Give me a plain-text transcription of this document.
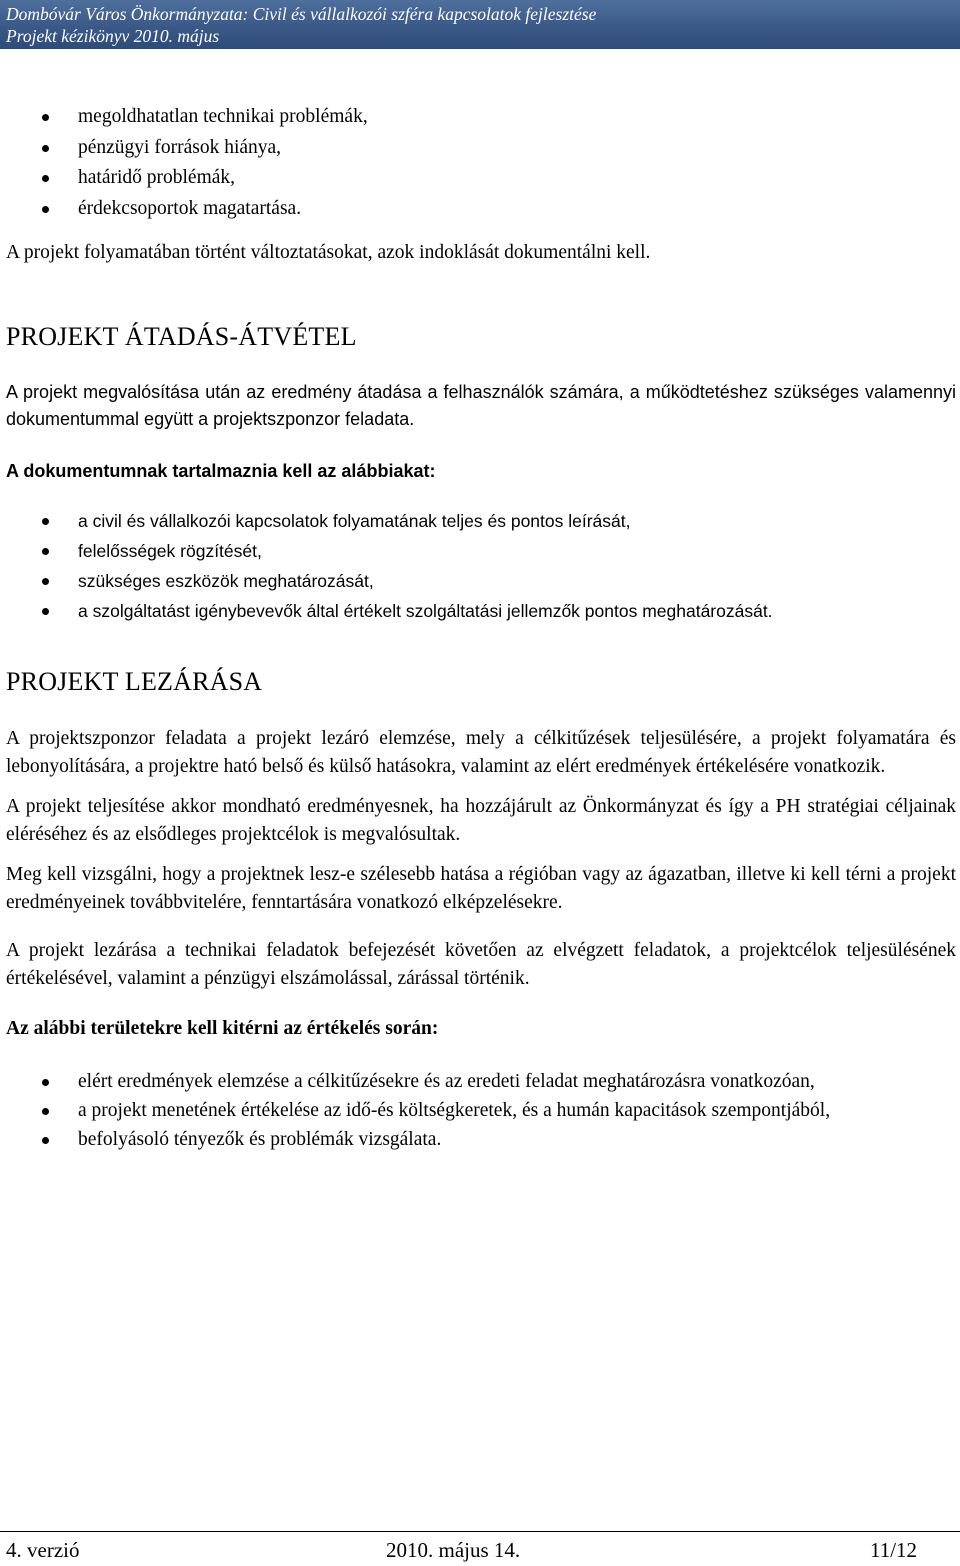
Dombóvár Város Önkormányzata: Civil és vállalkozói szféra kapcsolatok fejlesztése
Projekt kézikönyv 2010. május
megoldhatatlan technikai problémák,
pénzügyi források hiánya,
határidő problémák,
érdekcsoportok magatartása.

A projekt folyamatában történt változtatásokat, azok indoklását dokumentálni kell.

PROJEKT ÁTADÁS-ÁTVÉTEL

A projekt megvalósítása után az eredmény átadása a felhasználók számára, a működtetéshez szükséges valamennyi dokumentummal együtt a projektszponzor feladata.

A dokumentumnak tartalmaznia kell az alábbiakat:

a civil és vállalkozói kapcsolatok folyamatának teljes és pontos leírását,
felelősségek rögzítését,
szükséges eszközök meghatározását,
a szolgáltatást igénybevevők által értékelt szolgáltatási jellemzők pontos meghatározását.
PROJEKT LEZÁRÁSA

A projektszponzor feladata a projekt lezáró elemzése, mely a célkitűzések teljesülésére, a projekt folyamatára és lebonyolítására, a projektre ható belső és külső hatásokra, valamint az elért eredmények értékelésére vonatkozik.

A projekt teljesítése akkor mondható eredményesnek, ha hozzájárult az Önkormányzat és így a PH stratégiai céljainak eléréséhez és az elsődleges projektcélok is megvalósultak.

Meg kell vizsgálni, hogy a projektnek lesz-e szélesebb hatása a régióban vagy az ágazatban, illetve ki kell térni a projekt eredményeinek továbbvitelére, fenntartására vonatkozó elképzelésekre.

A projekt lezárása a technikai feladatok befejezését követően az elvégzett feladatok, a projektcélok teljesülésének értékelésével, valamint a pénzügyi elszámolással, zárással történik.

Az alábbi területekre kell kitérni az értékelés során:

elért eredmények elemzése a célkitűzésekre és az eredeti feladat meghatározásra vonatkozóan,
a projekt menetének értékelése az idő-és költségkeretek, és a humán kapacitások szempontjából,
befolyásoló tényezők és problémák vizsgálata.
4. verzió	2010. május 14.	11/12
